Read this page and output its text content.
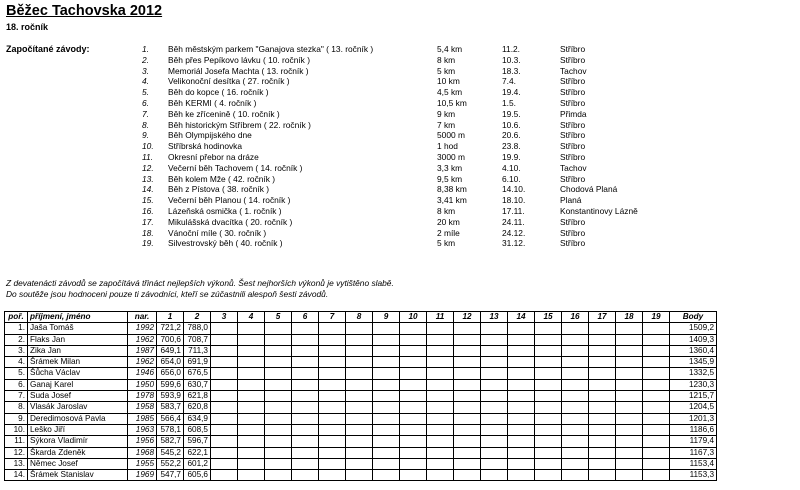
Běžec Tachovska 2012
18. ročník
Započítané závody:	1. Běh městským parkem "Ganajova stezka" ( 13. ročník )	5,4 km	11.2.	Stříbro
2. Běh přes Pepíkovo lávku ( 10. ročník )	8 km	10.3.	Stříbro
3. Memoriál Josefa Machta ( 13. ročník )	5 km	18.3.	Tachov
4. Velikonoční desítka ( 27. ročník )	10 km	7.4.	Stříbro
5. Běh do kopce ( 16. ročník )	4,5 km	19.4.	Stříbro
6. Běh KERMI ( 4. ročník )	10,5 km	1.5.	Stříbro
7. Běh ke zřícenině ( 10. ročník )	9 km	19.5.	Přimda
8. Běh historickým Stříbrem ( 22. ročník )	7 km	10.6.	Stříbro
9. Běh Olympijského dne	5000 m	20.6.	Stříbro
10. Stříbrská hodinovka	1 hod	23.8.	Stříbro
11. Okresní přebor na dráze	3000 m	19.9.	Stříbro
12. Večerní běh Tachovem ( 14. ročník )	3,3 km	4.10.	Tachov
13. Běh kolem Mže ( 42. ročník )	9,5 km	6.10.	Stříbro
14. Běh z Pístova ( 38. ročník )	8,38 km	14.10.	Chodová Planá
15. Večerní běh Planou ( 14. ročník )	3,41 km	18.10.	Planá
16. Lázeňská osmička ( 1. ročník )	8 km	17.11.	Konstantinovy Lázně
17. Mikulášská dvacítka ( 20. ročník )	20 km	24.11.	Stříbro
18. Vánoční míle ( 30. ročník )	2 míle	24.12.	Stříbro
19. Silvestrovský běh ( 40. ročník )	5 km	31.12.	Stříbro
Z devatenácti závodů se započítává třináct nejlepších výkonů. Šest nejhorších výkonů je vytištěno slabě.
Do soutěže jsou hodnoceni pouze ti závodníci, kteří se zúčastnili alespoň šesti závodů.
poř.	příjmení, jméno	nar.	1	2	3	4	5	6	7	8	9	10	11	12	13	14	15	16	17	18	19	Body
1.	Jaša Tomáš	1992	721,2	788,0																		1509,2
2.	Flaks Jan	1962	700,6	708,7																		1409,3
3.	Zika Jan	1987	649,1	711,3																		1360,4
4.	Šrámek Milan	1962	654,0	691,9																		1345,9
5.	Šůcha Václav	1946	656,0	676,5																		1332,5
6.	Ganaj Karel	1950	599,6	630,7																		1230,3
7.	Suda Josef	1978	593,9	621,8																		1215,7
8.	Vlasák Jaroslav	1958	583,7	620,8																		1204,5
9.	Deredimosová Pavla	1985	566,4	634,9																		1201,3
10.	Leško Jiří	1963	578,1	608,5																		1186,6
11.	Sýkora Vladimír	1956	582,7	596,7																		1179,4
12.	Škarda Zdeněk	1968	545,2	622,1																		1167,3
13.	Němec Josef	1955	552,2	601,2																		1153,4
14.	Šrámek Stanislav	1969	547,7	605,6																		1153,3
